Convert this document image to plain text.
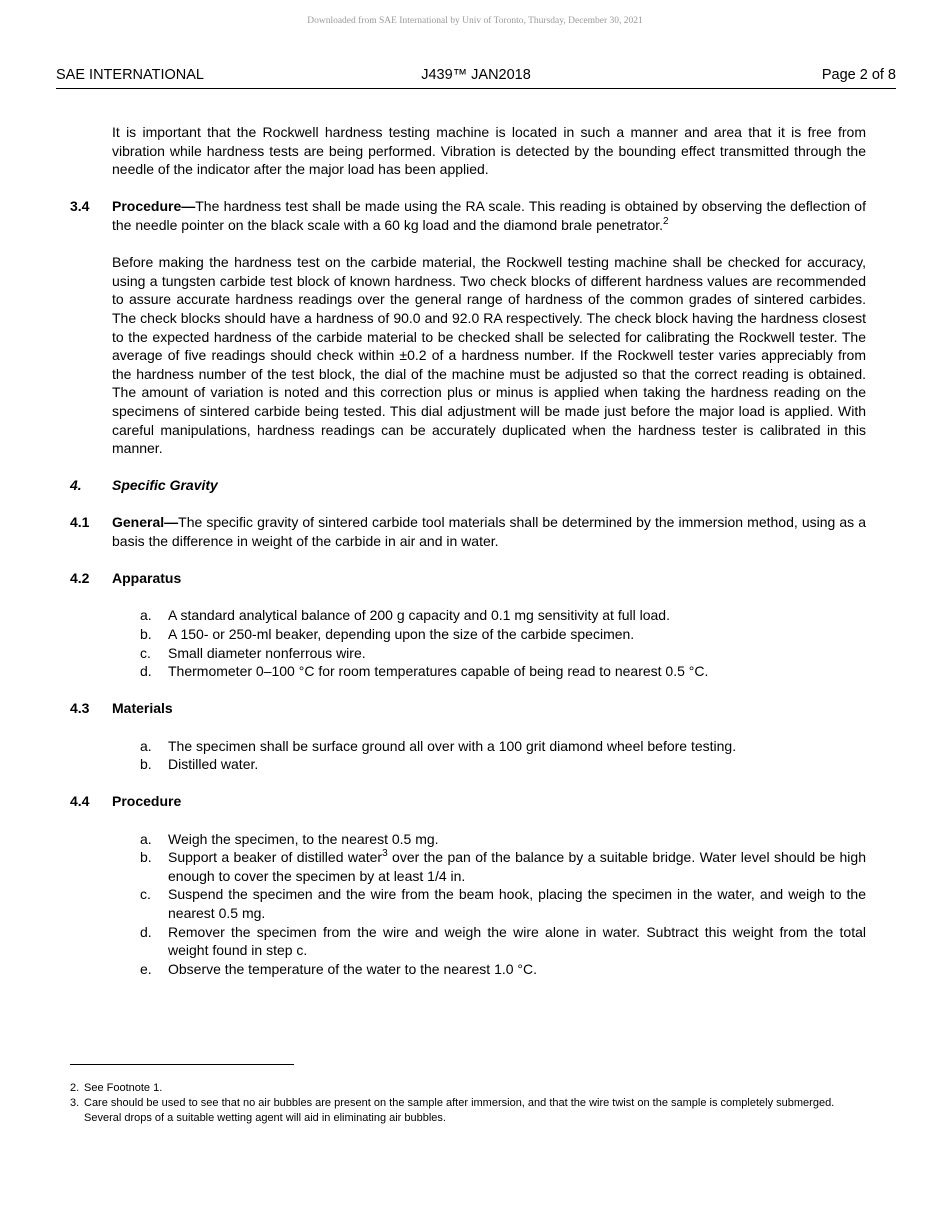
Downloaded from SAE International by Univ of Toronto, Thursday, December 30, 2021
SAE INTERNATIONAL	J439™ JAN2018	Page 2 of 8
It is important that the Rockwell hardness testing machine is located in such a manner and area that it is free from vibration while hardness tests are being performed. Vibration is detected by the bounding effect transmitted through the needle of the indicator after the major load has been applied.
3.4	Procedure—The hardness test shall be made using the RA scale. This reading is obtained by observing the deflection of the needle pointer on the black scale with a 60 kg load and the diamond brale penetrator.$^2$
Before making the hardness test on the carbide material, the Rockwell testing machine shall be checked for accuracy, using a tungsten carbide test block of known hardness. Two check blocks of different hardness values are recommended to assure accurate hardness readings over the general range of hardness of the common grades of sintered carbides. The check blocks should have a hardness of 90.0 and 92.0 RA respectively. The check block having the hardness closest to the expected hardness of the carbide material to be checked shall be selected for calibrating the Rockwell tester. The average of five readings should check within ±0.2 of a hardness number. If the Rockwell tester varies appreciably from the hardness number of the test block, the dial of the machine must be adjusted so that the correct reading is obtained. The amount of variation is noted and this correction plus or minus is applied when taking the hardness reading on the specimens of sintered carbide being tested. This dial adjustment will be made just before the major load is applied. With careful manipulations, hardness readings can be accurately duplicated when the hardness tester is calibrated in this manner.
4.	Specific Gravity
4.1	General—The specific gravity of sintered carbide tool materials shall be determined by the immersion method, using as a basis the difference in weight of the carbide in air and in water.
4.2	Apparatus
a. A standard analytical balance of 200 g capacity and 0.1 mg sensitivity at full load.
b. A 150- or 250-ml beaker, depending upon the size of the carbide specimen.
c. Small diameter nonferrous wire.
d. Thermometer 0–100 °C for room temperatures capable of being read to nearest 0.5 °C.
4.3	Materials
a. The specimen shall be surface ground all over with a 100 grit diamond wheel before testing.
b. Distilled water.
4.4	Procedure
a. Weigh the specimen, to the nearest 0.5 mg.
b. Support a beaker of distilled water$^3$ over the pan of the balance by a suitable bridge. Water level should be high enough to cover the specimen by at least 1/4 in.
c. Suspend the specimen and the wire from the beam hook, placing the specimen in the water, and weigh to the nearest 0.5 mg.
d. Remover the specimen from the wire and weigh the wire alone in water. Subtract this weight from the total weight found in step c.
e. Observe the temperature of the water to the nearest 1.0 °C.
2. See Footnote 1.
3. Care should be used to see that no air bubbles are present on the sample after immersion, and that the wire twist on the sample is completely submerged. Several drops of a suitable wetting agent will aid in eliminating air bubbles.
